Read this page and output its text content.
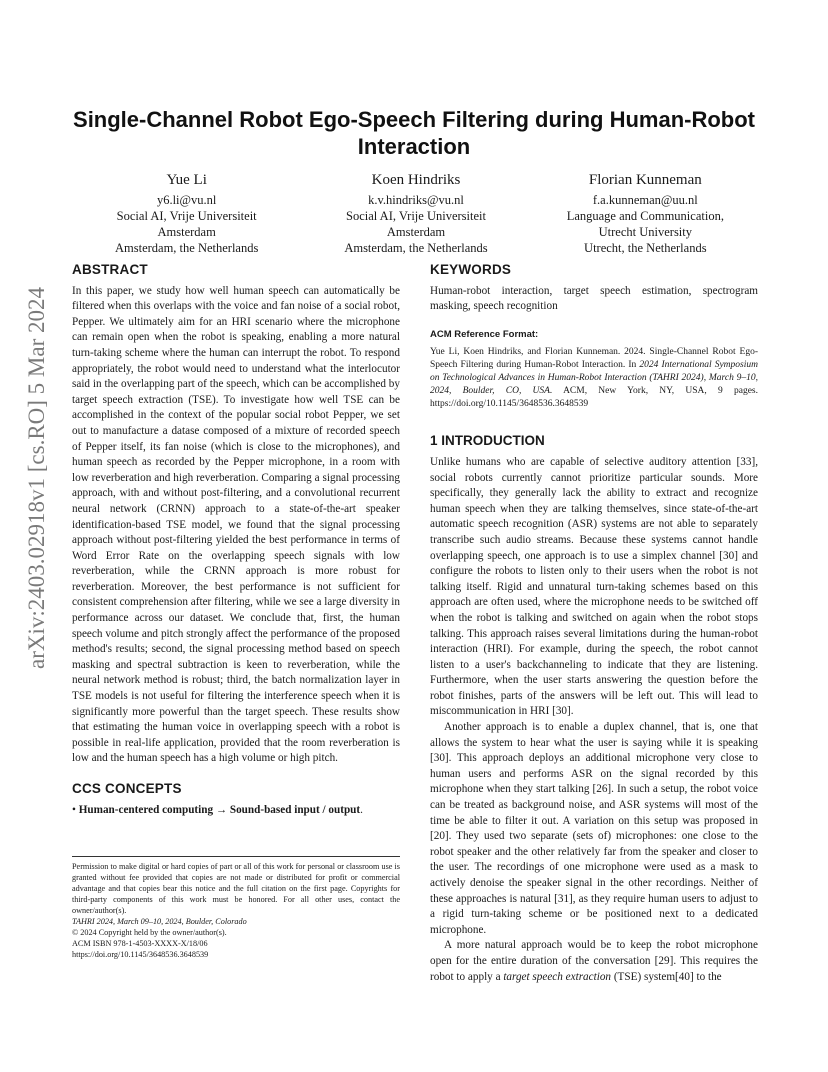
arXiv:2403.02918v1 [cs.RO] 5 Mar 2024
Single-Channel Robot Ego-Speech Filtering during Human-Robot Interaction
Yue Li
y6.li@vu.nl
Social AI, Vrije Universiteit
Amsterdam
Amsterdam, the Netherlands
Koen Hindriks
k.v.hindriks@vu.nl
Social AI, Vrije Universiteit
Amsterdam
Amsterdam, the Netherlands
Florian Kunneman
f.a.kunneman@uu.nl
Language and Communication,
Utrecht University
Utrecht, the Netherlands
ABSTRACT

In this paper, we study how well human speech can automatically be filtered when this overlaps with the voice and fan noise of a social robot, Pepper. We ultimately aim for an HRI scenario where the microphone can remain open when the robot is speaking, enabling a more natural turn-taking scheme where the human can interrupt the robot. To respond appropriately, the robot would need to understand what the interlocutor said in the overlapping part of the speech, which can be accomplished by target speech extraction (TSE). To investigate how well TSE can be accomplished in the context of the popular social robot Pepper, we set out to manufacture a datase composed of a mixture of recorded speech of Pepper itself, its fan noise (which is close to the microphones), and human speech as recorded by the Pepper microphone, in a room with low reverberation and high reverberation. Comparing a signal processing approach, with and without post-filtering, and a convolutional recurrent neural network (CRNN) approach to a state-of-the-art speaker identification-based TSE model, we found that the signal processing approach without post-filtering yielded the best performance in terms of Word Error Rate on the overlapping speech signals with low reverberation, while the CRNN approach is more robust for reverberation. Moreover, the best performance is not sufficient for consistent comprehension after filtering, while we see a large diversity in performance across our dataset. We conclude that, first, the human speech volume and pitch strongly affect the performance of the proposed method's results; second, the signal processing method based on speech masking and spectral subtraction is keen to reverberation, while the neural network method is robust; third, the batch normalization layer in TSE models is not useful for filtering the interference speech when it is significantly more powerful than the target speech. These results show that estimating the human voice in overlapping speech with a robot is possible in real-life application, provided that the room reverberation is low and the human speech has a high volume or high pitch.

CCS CONCEPTS
• Human-centered computing → Sound-based input / output.

Permission to make digital or hard copies of part or all of this work for personal or classroom use is granted without fee provided that copies are not made or distributed for profit or commercial advantage and that copies bear this notice and the full citation on the first page. Copyrights for third-party components of this work must be honored. For all other uses, contact the owner/author(s).

TAHRI 2024, March 09–10, 2024, Boulder, Colorado

© 2024 Copyright held by the owner/author(s).

ACM ISBN 978-1-4503-XXXX-X/18/06

https://doi.org/10.1145/3648536.3648539

KEYWORDS

Human-robot interaction, target speech estimation, spectrogram masking, speech recognition

ACM Reference Format:

Yue Li, Koen Hindriks, and Florian Kunneman. 2024. Single-Channel Robot Ego-Speech Filtering during Human-Robot Interaction. In 2024 International Symposium on Technological Advances in Human-Robot Interaction (TAHRI 2024), March 9–10, 2024, Boulder, CO, USA. ACM, New York, NY, USA, 9 pages. https://doi.org/10.1145/3648536.3648539

1 INTRODUCTION

Unlike humans who are capable of selective auditory attention [33], social robots currently cannot prioritize particular sounds. More specifically, they generally lack the ability to extract and recognize human speech when they are talking themselves, since state-of-the-art automatic speech recognition (ASR) systems are not able to separately transcribe such audio streams. Because these systems cannot handle overlapping speech, one approach is to use a simplex channel [30] and configure the robots to listen only to their users when the robot is not talking itself. Rigid and unnatural turn-taking schemes based on this approach are often used, where the microphone needs to be switched off when the robot is talking and switched on again when the robot stops talking. This approach raises several limitations during the human-robot interaction (HRI). For example, during the speech, the robot cannot listen to a user's backchanneling to indicate that they are listening. Furthermore, when the user starts answering the question before the robot finishes, parts of the answers will be left out. This will lead to miscommunication in HRI [30].

Another approach is to enable a duplex channel, that is, one that allows the system to hear what the user is saying while it is speaking [30]. This approach deploys an additional microphone very close to human users and performs ASR on the signal recorded by this microphone when they start talking [26]. In such a setup, the robot voice can be treated as background noise, and ASR systems will most of the time be able to filter it out. A variation on this setup was proposed in [20]. They used two separate (sets of) microphones: one close to the robot speaker and the other relatively far from the speaker and closer to the user. The recordings of one microphone were used as a mask to actively denoise the speaker signal in the other recordings. Neither of these approaches is natural [31], as they require human users to adjust to a rigid turn-taking scheme or be positioned next to a dedicated microphone.

A more natural approach would be to keep the robot microphone open for the entire duration of the conversation [29]. This requires the robot to apply a target speech extraction (TSE) system[40] to the
